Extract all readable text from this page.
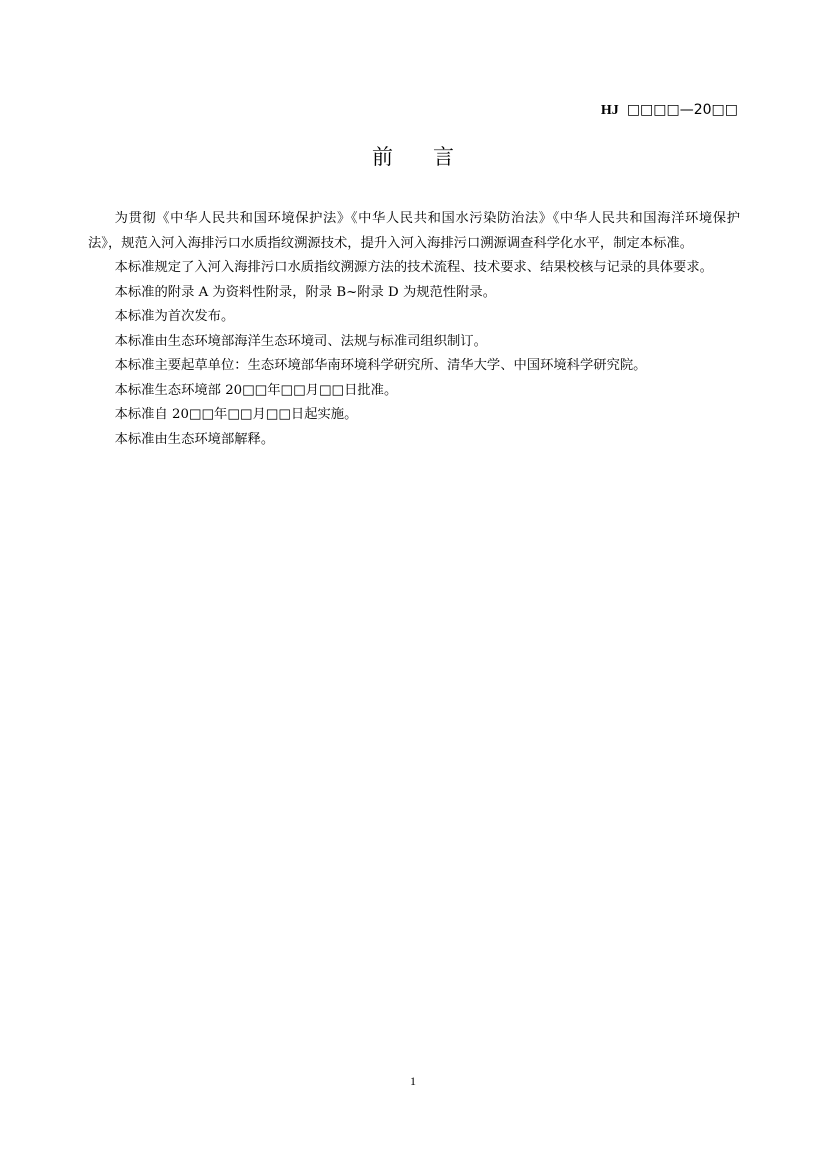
HJ □□□□—20□□
前言

为贯彻《中华人民共和国环境保护法》《中华人民共和国水污染防治法》《中华人民共和国海洋环境保护法》，规范入河入海排污口水质指纹溯源技术，提升入河入海排污口溯源调查科学化水平，制定本标准。

本标准规定了入河入海排污口水质指纹溯源方法的技术流程、技术要求、结果校核与记录的具体要求。

本标准的附录 A 为资料性附录，附录 B~附录 D 为规范性附录。

本标准为首次发布。

本标准由生态环境部海洋生态环境司、法规与标准司组织制订。

本标准主要起草单位：生态环境部华南环境科学研究所、清华大学、中国环境科学研究院。

本标准生态环境部 20□□年□□月□□日批准。

本标准自 20□□年□□月□□日起实施。

本标准由生态环境部解释。

1
